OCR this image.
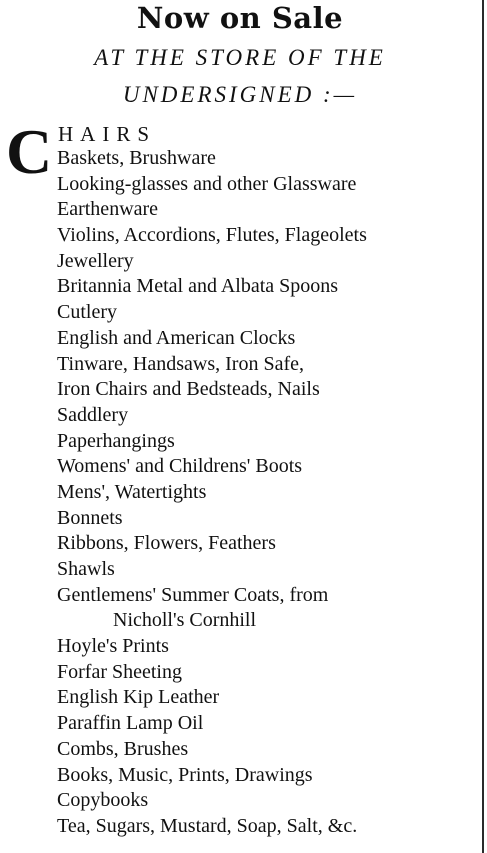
Now on Sale
AT THE STORE OF THE
UNDERSIGNED :—
C HAIRS
Baskets, Brushware
Looking-glasses and other Glassware
Earthenware
Violins, Accordions, Flutes, Flageolets
Jewellery
Britannia Metal and Albata Spoons
Cutlery
English and American Clocks
Tinware, Handsaws, Iron Safe,
Iron Chairs and Bedsteads, Nails
Saddlery
Paperhangings
Womens' and Childrens' Boots
Mens', Watertights
Bonnets
Ribbons, Flowers, Feathers
Shawls
Gentlemens' Summer Coats, from
Nicholl's Cornhill
Hoyle's Prints
Forfar Sheeting
English Kip Leather
Paraffin Lamp Oil
Combs, Brushes
Books, Music, Prints, Drawings
Copybooks
Tea, Sugars, Mustard, Soap, Salt, &c.
